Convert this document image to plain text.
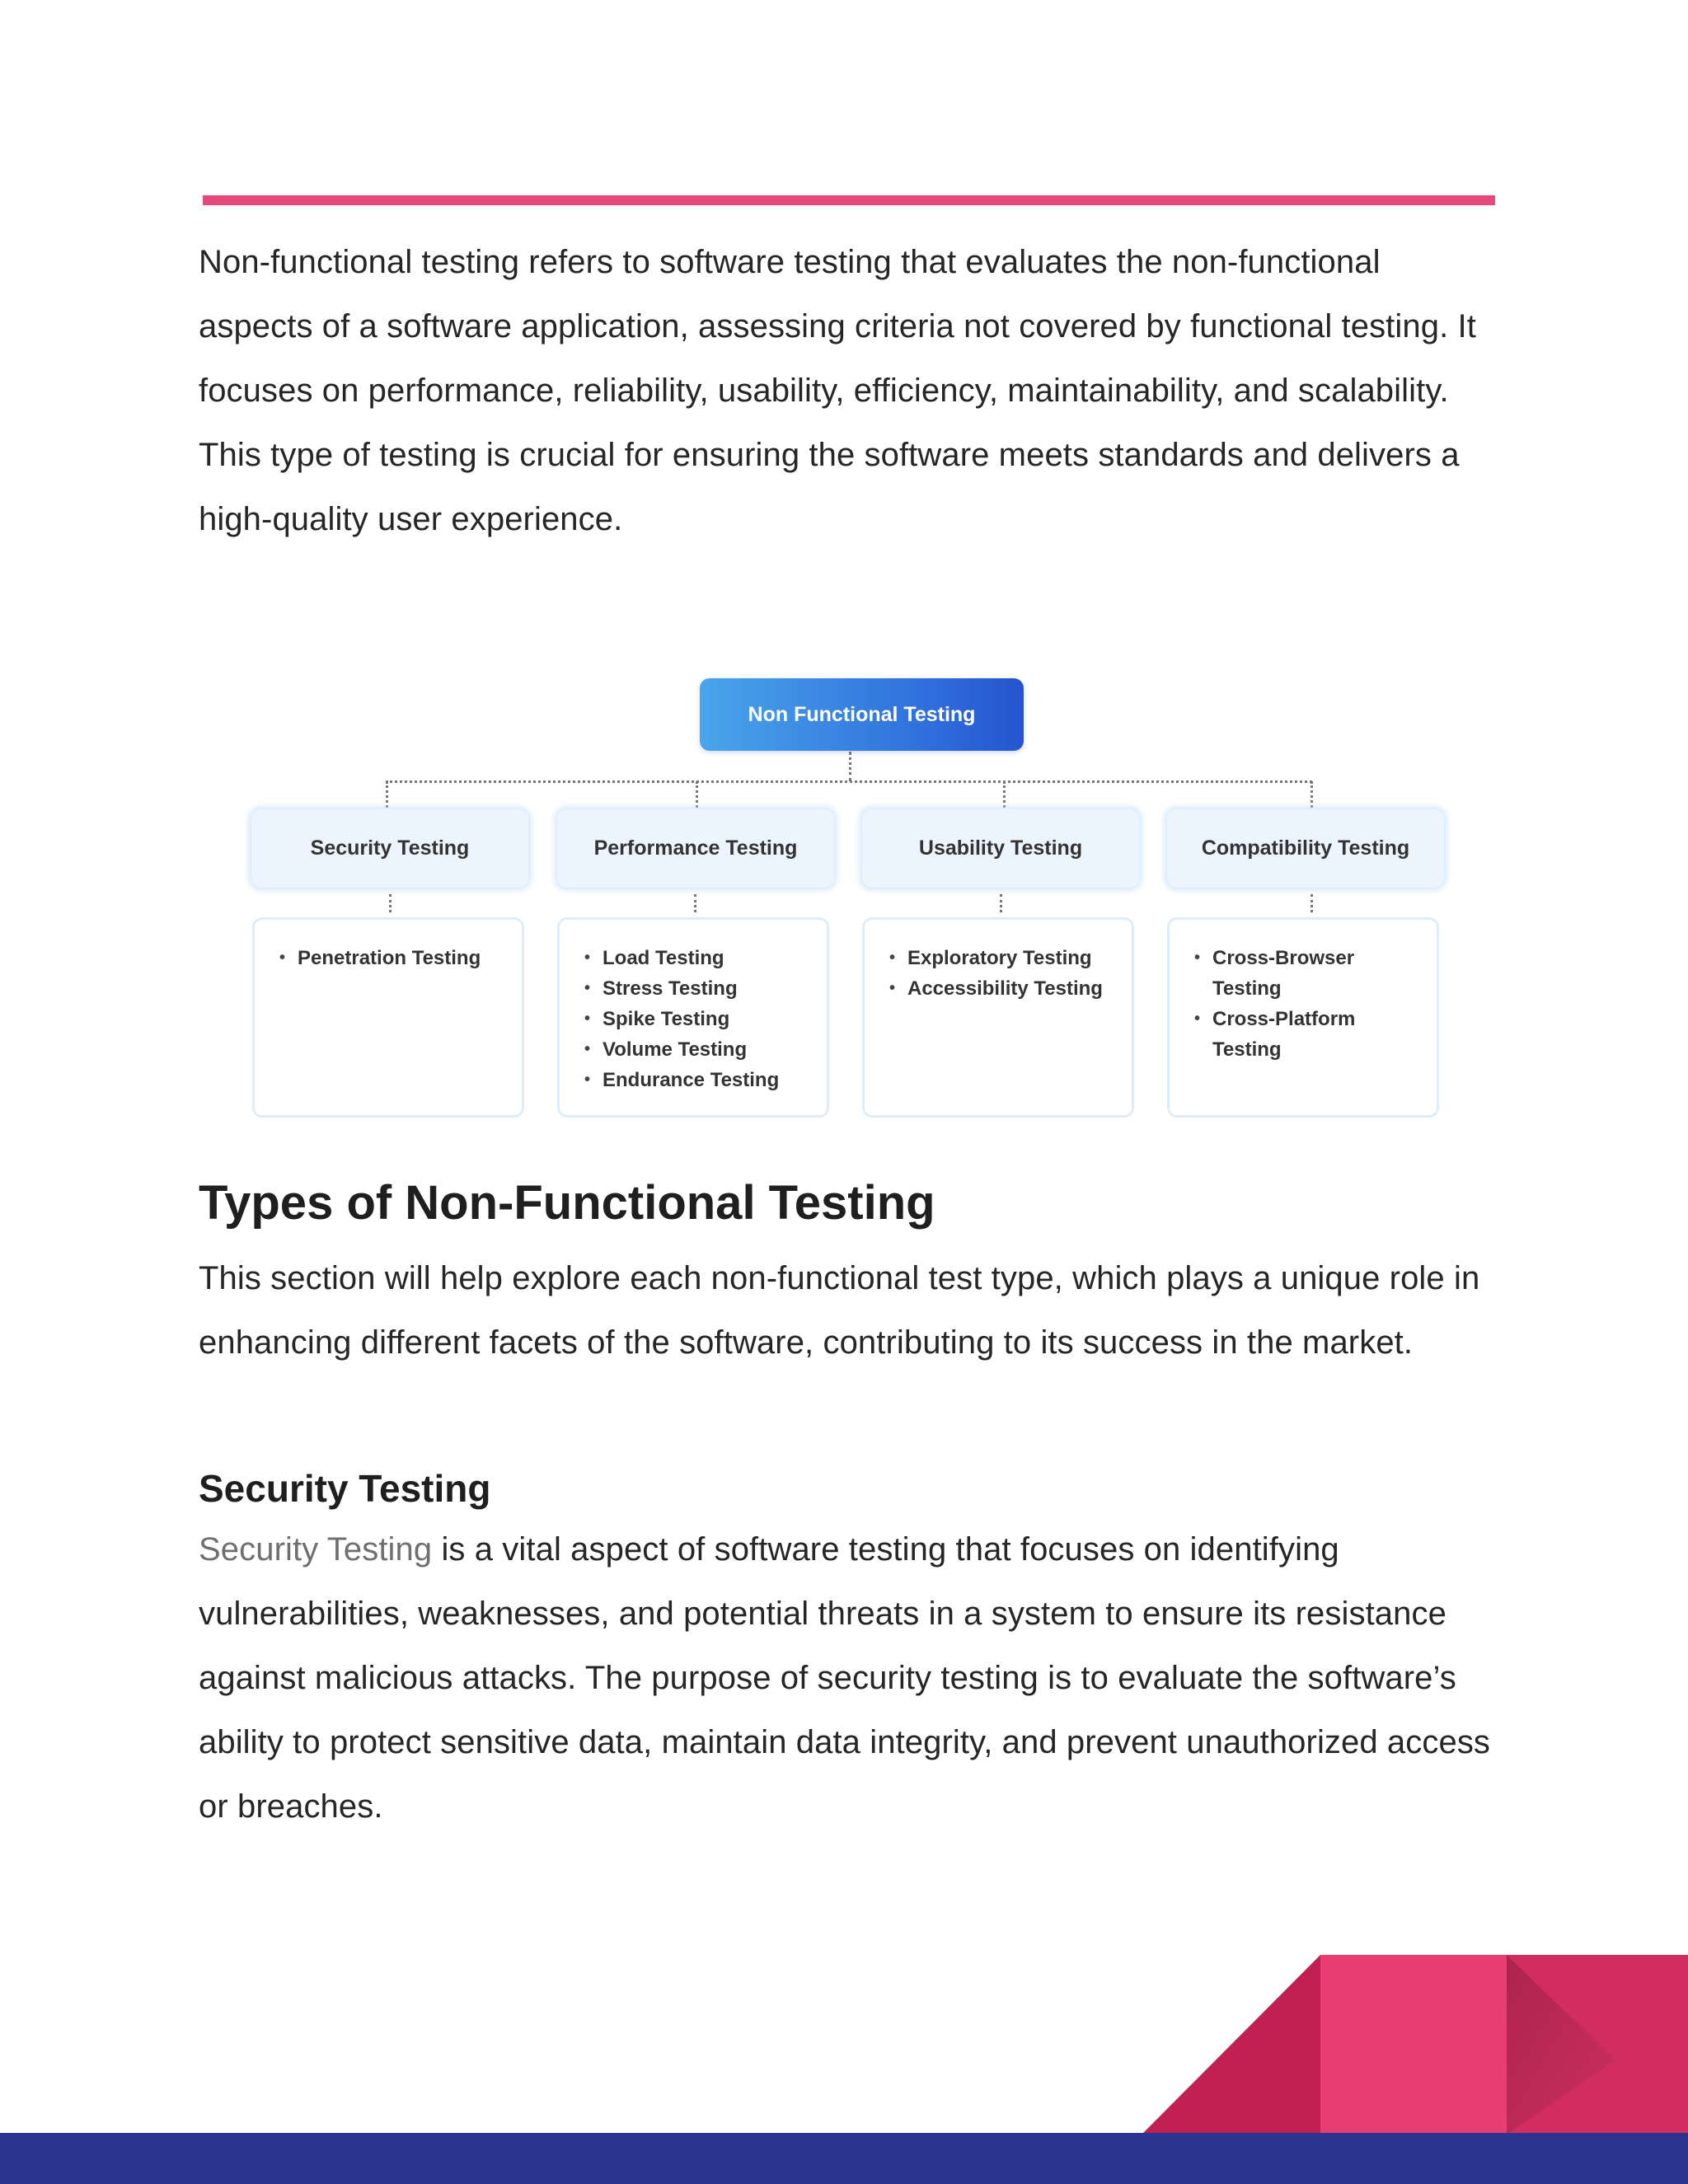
Non-functional testing refers to software testing that evaluates the non-functional aspects of a software application, assessing criteria not covered by functional testing. It focuses on performance, reliability, usability, efficiency, maintainability, and scalability. This type of testing is crucial for ensuring the software meets standards and delivers a high-quality user experience.

Non Functional Testing
Security Testing	Performance Testing	Usability Testing	Compatibility Testing
• Penetration Testing
•	Load Testing
• Stress Testing
• Spike Testing
• Volume Testing
• Endurance Testing
• Exploratory Testing
• Accessibility Testing
• Cross-Browser Testing
• Cross-Platform Testing
Types of Non-Functional Testing

This section will help explore each non-functional test type, which plays a unique role in enhancing different facets of the software, contributing to its success in the market.

Security Testing

Security Testing is a vital aspect of software testing that focuses on identifying vulnerabilities, weaknesses, and potential threats in a system to ensure its resistance against malicious attacks. The purpose of security testing is to evaluate the software’s ability to protect sensitive data, maintain data integrity, and prevent unauthorized access or breaches.
